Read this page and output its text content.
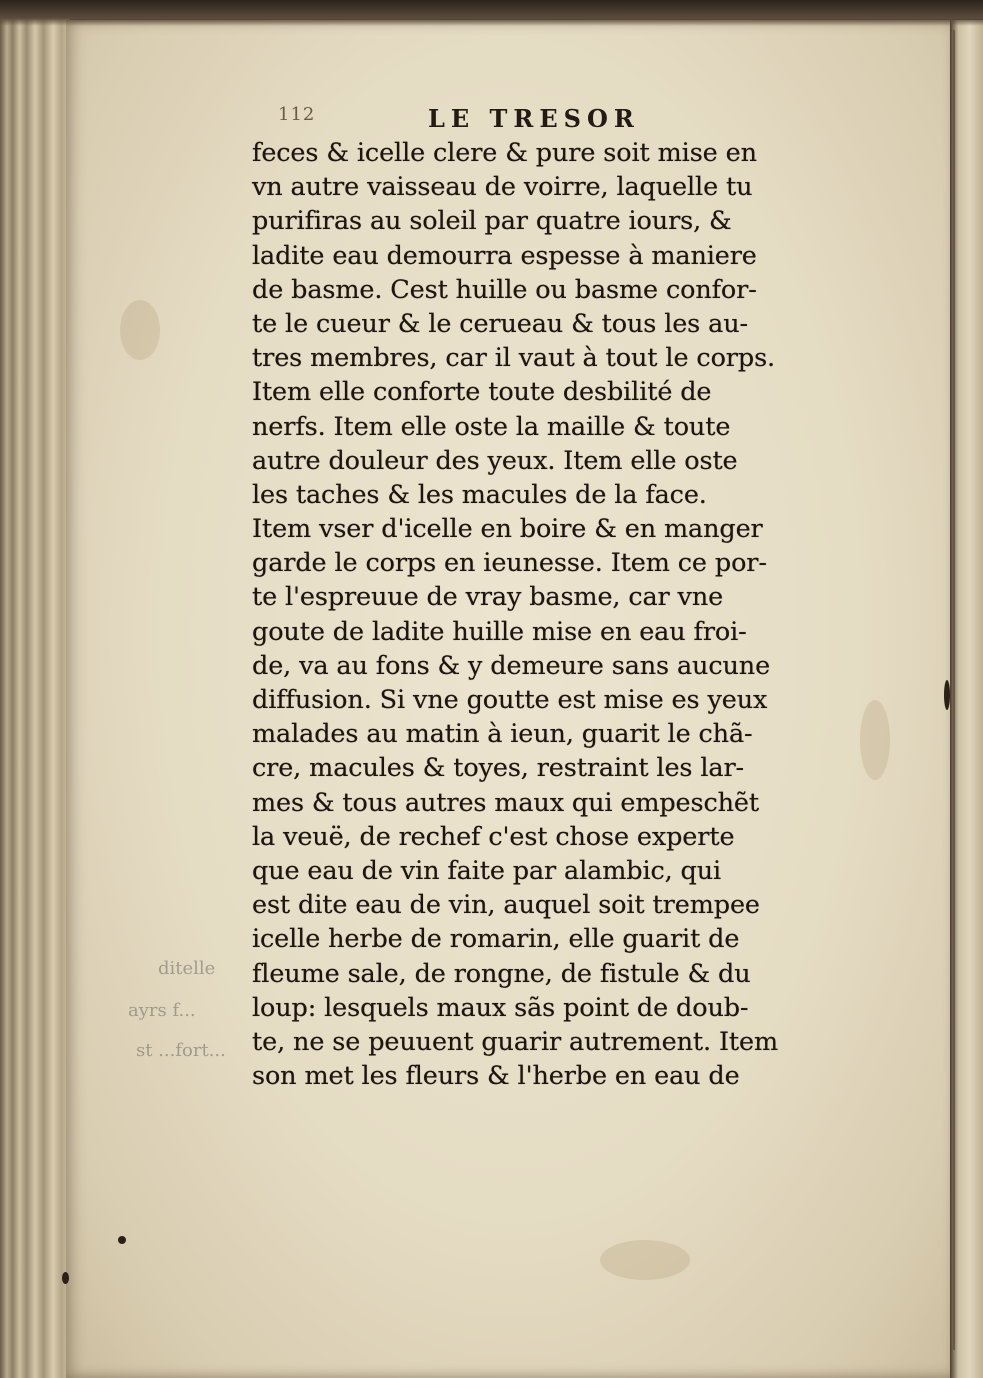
ditelle
ayrs f...
st ...fort...
112	LE TRESOR
feces & icelle clere & pure soit mise en
vn autre vaisseau de voirre, laquelle tu
purifiras au soleil par quatre iours, &
ladite eau demourra espesse à maniere
de basme. Cest huille ou basme confor-
te le cueur & le cerueau & tous les au-
tres membres, car il vaut à tout le corps.
Item elle conforte toute desbilité de
nerfs. Item elle oste la maille & toute
autre douleur des yeux. Item elle oste
les taches & les macules de la face.
Item vser d'icelle en boire & en manger
garde le corps en ieunesse. Item ce por-
te l'espreuue de vray basme, car vne
goute de ladite huille mise en eau froi-
de, va au fons & y demeure sans aucune
diffusion. Si vne goutte est mise es yeux
malades au matin à ieun, guarit le chã-
cre, macules & toyes, restraint les lar-
mes & tous autres maux qui empeschẽt
la veuë, de rechef c'est chose experte
que eau de vin faite par alambic, qui
est dite eau de vin, auquel soit trempee
icelle herbe de romarin, elle guarit de
fleume sale, de rongne, de fistule & du
loup: lesquels maux sãs point de doub-
te, ne se peuuent guarir autrement. Item
son met les fleurs & l'herbe en eau de
